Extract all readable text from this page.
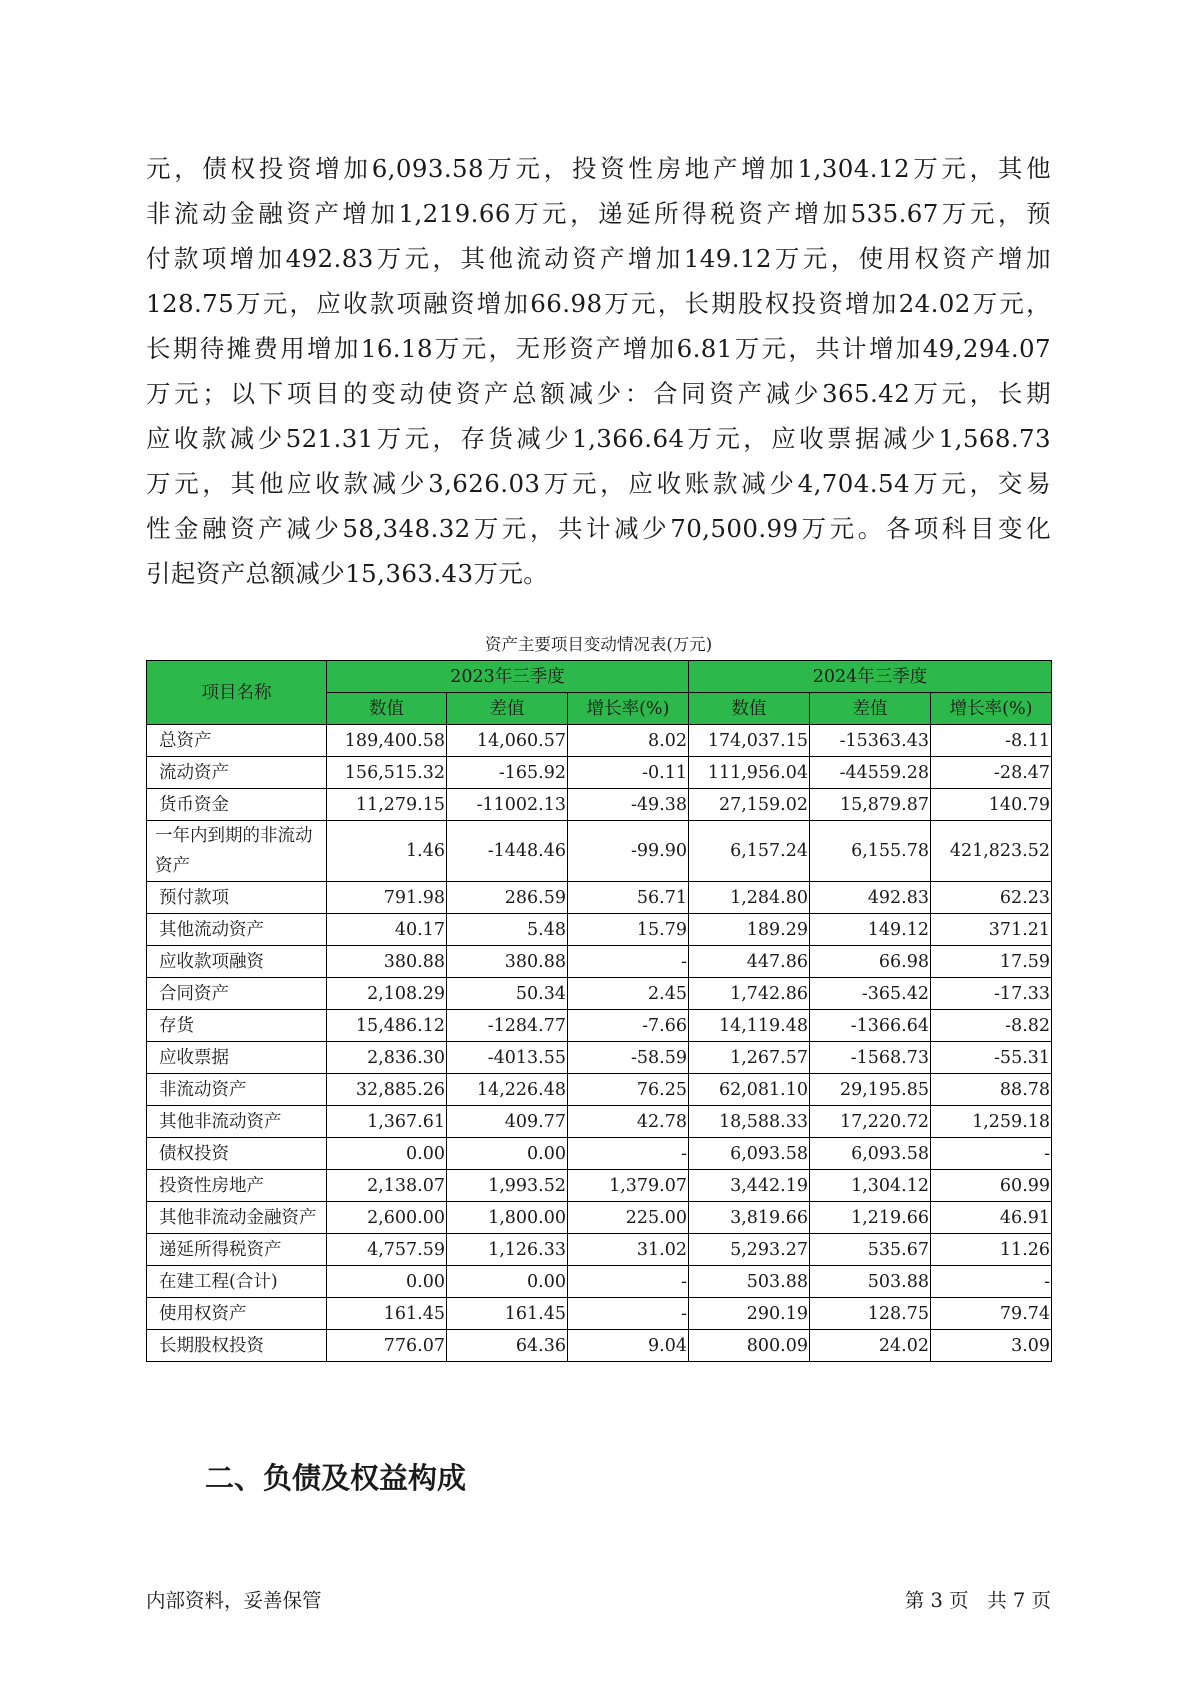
元，债权投资增加6,093.58万元，投资性房地产增加1,304.12万元，其他
非流动金融资产增加1,219.66万元，递延所得税资产增加535.67万元，预
付款项增加492.83万元，其他流动资产增加149.12万元，使用权资产增加
128.75万元，应收款项融资增加66.98万元，长期股权投资增加24.02万元，
长期待摊费用增加16.18万元，无形资产增加6.81万元，共计增加49,294.07
万元；以下项目的变动使资产总额减少：合同资产减少365.42万元，长期
应收款减少521.31万元，存货减少1,366.64万元，应收票据减少1,568.73
万元，其他应收款减少3,626.03万元，应收账款减少4,704.54万元，交易
性金融资产减少58,348.32万元，共计减少70,500.99万元。各项科目变化
引起资产总额减少15,363.43万元。
资产主要项目变动情况表(万元)
项目名称	2023年三季度			2024年三季度		
	数值	差值	增长率(%)	数值	差值	增长率(%)
总资产	189,400.58	14,060.57	8.02	174,037.15	-15363.43	-8.11
流动资产	156,515.32	-165.92	-0.11	111,956.04	-44559.28	-28.47
货币资金	11,279.15	-11002.13	-49.38	27,159.02	15,879.87	140.79
一年内到期的非流动资产	1.46	-1448.46	-99.90	6,157.24	6,155.78	421,823.52
预付款项	791.98	286.59	56.71	1,284.80	492.83	62.23
其他流动资产	40.17	5.48	15.79	189.29	149.12	371.21
应收款项融资	380.88	380.88	-	447.86	66.98	17.59
合同资产	2,108.29	50.34	2.45	1,742.86	-365.42	-17.33
存货	15,486.12	-1284.77	-7.66	14,119.48	-1366.64	-8.82
应收票据	2,836.30	-4013.55	-58.59	1,267.57	-1568.73	-55.31
非流动资产	32,885.26	14,226.48	76.25	62,081.10	29,195.85	88.78
其他非流动资产	1,367.61	409.77	42.78	18,588.33	17,220.72	1,259.18
债权投资	0.00	0.00	-	6,093.58	6,093.58	-
投资性房地产	2,138.07	1,993.52	1,379.07	3,442.19	1,304.12	60.99
其他非流动金融资产	2,600.00	1,800.00	225.00	3,819.66	1,219.66	46.91
递延所得税资产	4,757.59	1,126.33	31.02	5,293.27	535.67	11.26
在建工程(合计)	0.00	0.00	-	503.88	503.88	-
使用权资产	161.45	161.45	-	290.19	128.75	79.74
长期股权投资	776.07	64.36	9.04	800.09	24.02	3.09
二、负债及权益构成
内部资料，妥善保管	第 3 页   共 7 页
